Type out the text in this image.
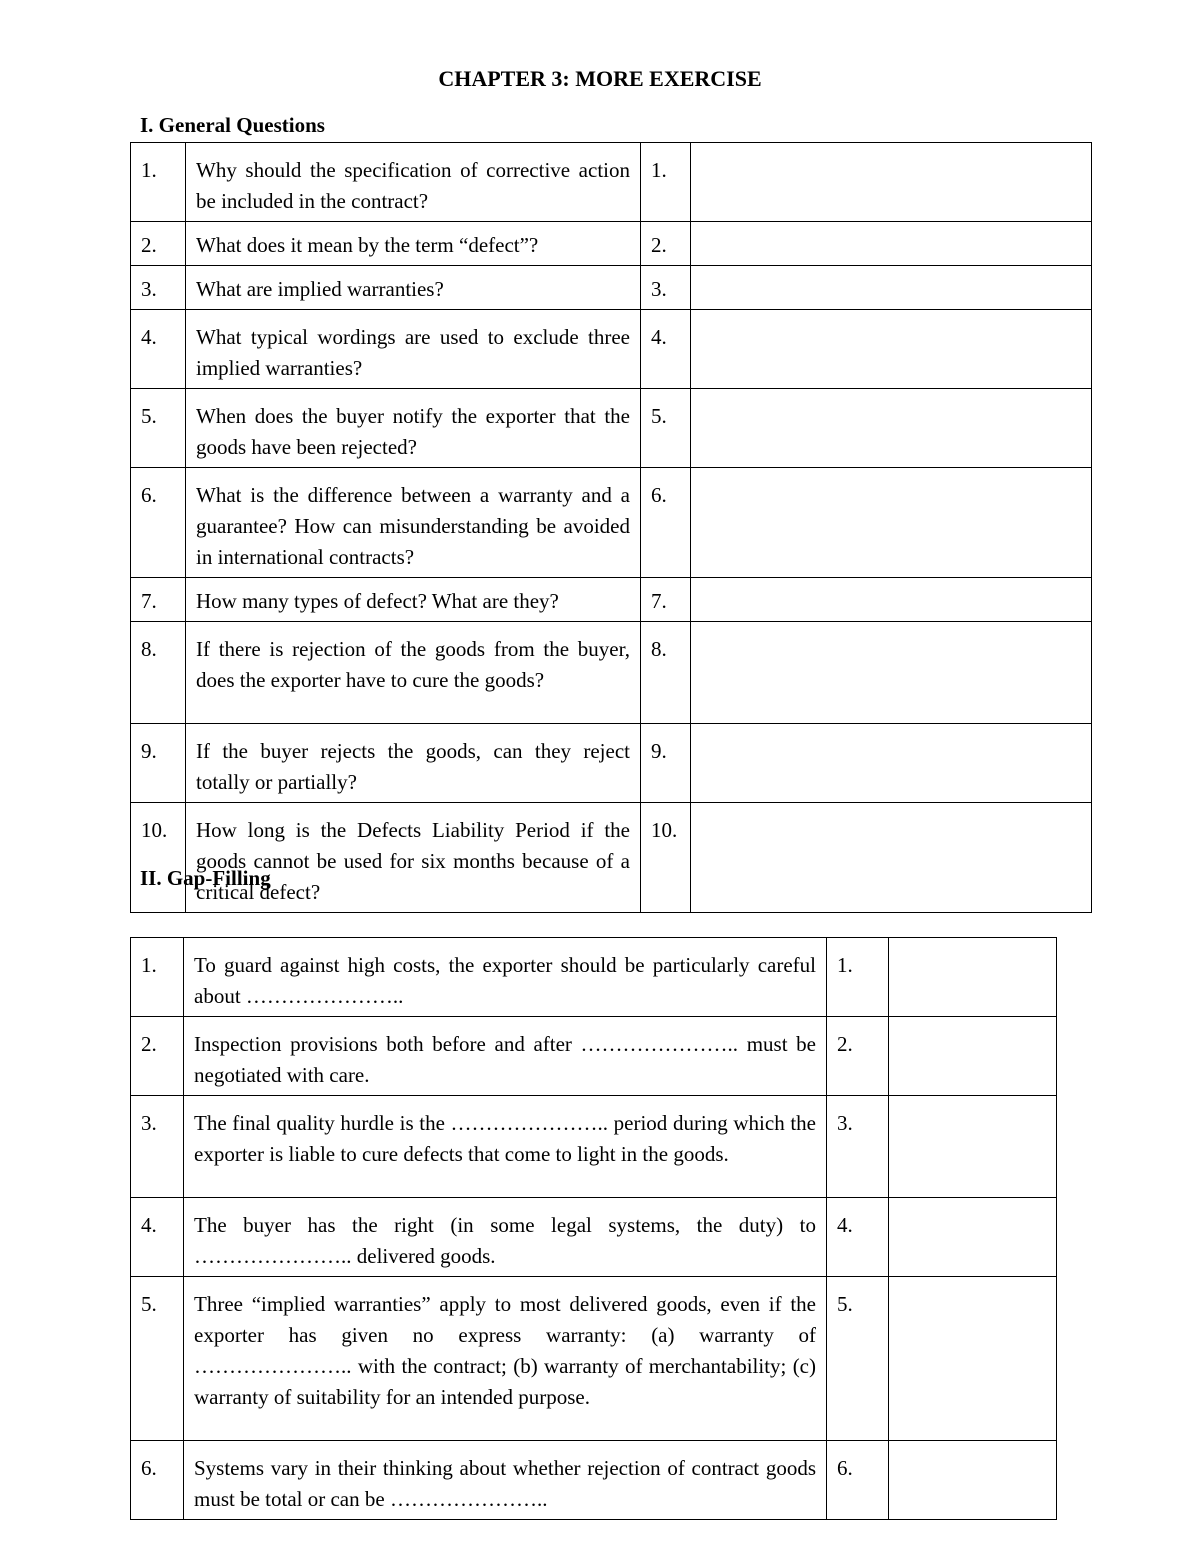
CHAPTER 3: MORE EXERCISE
I. General Questions
1.	Why should the specification of corrective action be included in the contract?	1.	
2.	What does it mean by the term “defect”?	2.	
3.	What are implied warranties?	3.	
4.	What typical wordings are used to exclude three implied warranties?	4.	
5.	When does the buyer notify the exporter that the goods have been rejected?	5.	
6.	What is the difference between a warranty and a guarantee? How can misunderstanding be avoided in international contracts?	6.	
7.	How many types of defect? What are they?	7.	
8.	If there is rejection of the goods from the buyer, does the exporter have to cure the goods?	8.	
9.	If the buyer rejects the goods, can they reject totally or partially?	9.	
10.	How long is the Defects Liability Period if the goods cannot be used for six months because of a critical defect?	10.	
II. Gap-Filling
1.	To guard against high costs, the exporter should be particularly careful about …………………..	1.	
2.	Inspection provisions both before and after ………………….. must be negotiated with care.	2.	
3.	The final quality hurdle is the ………………….. period during which the exporter is liable to cure defects that come to light in the goods.	3.	
4.	The buyer has the right (in some legal systems, the duty) to ………………….. delivered goods.	4.	
5.	Three “implied warranties” apply to most delivered goods, even if the exporter has given no express warranty: (a) warranty of ………………….. with the contract; (b) warranty of merchantability; (c) warranty of suitability for an intended purpose.	5.	
6.	Systems vary in their thinking about whether rejection of contract goods must be total or can be …………………..	6.	
